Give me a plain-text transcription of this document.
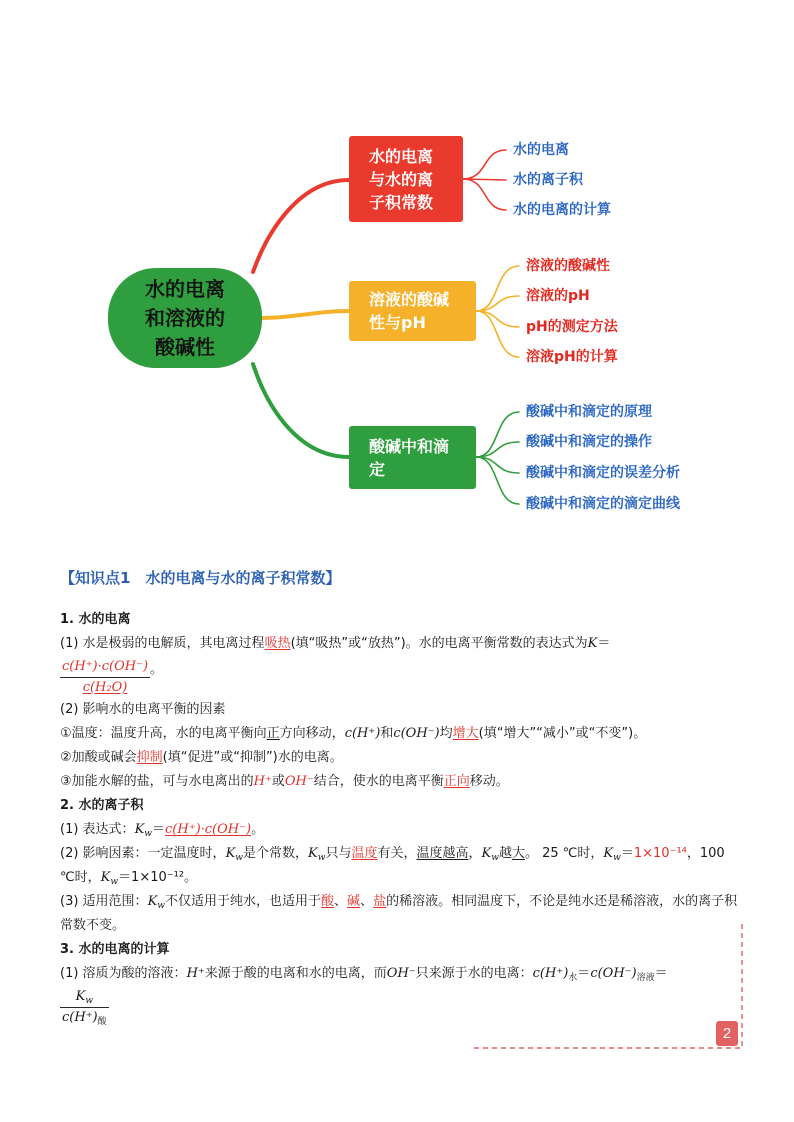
水的电离
和溶液的
酸碱性
水的电离
与水的离
子积常数
溶液的酸碱
性与pH
酸碱中和滴
定
水的电离
水的离子积
水的电离的计算
溶液的酸碱性
溶液的pH
pH的测定方法
溶液pH的计算
酸碱中和滴定的原理
酸碱中和滴定的操作
酸碱中和滴定的误差分析
酸碱中和滴定的滴定曲线
【知识点1　水的电离与水的离子积常数】
1. 水的电离
(1) 水是极弱的电解质，其电离过程吸热(填“吸热”或“放热”)。水的电离平衡常数的表达式为K＝
$\frac{c(H^+)\cdot c(OH^-)}{\text{c(H₂O)}}$ 。
(2) 影响水的电离平衡的因素
①温度：温度升高，水的电离平衡向正方向移动，c(H⁺)和c(OH⁻)均增大(填“增大”“减小”或“不变”)。
②加酸或碱会抑制(填“促进”或“抑制”)水的电离。
③加能水解的盐，可与水电离出的H⁺或OH⁻结合，使水的电离平衡正向移动。
2. 水的离子积
(1) 表达式：$K_w=c(H^+)\cdot c(OH^-)$。
(2) 影响因素：一定温度时，$K_w$是个常数，$K_w$只与温度有关，温度越高，$K_w$越大。 25 ℃时，$K_w=1\times 10^{-14}$，100 ℃时，$K_w=1\times 10^{-12}$。
(3) 适用范围：$K_w$不仅适用于纯水，也适用于酸、碱、盐的稀溶液。相同温度下，不论是纯水还是稀溶液，水的离子积常数不变。
3. 水的电离的计算
(1) 溶质为酸的溶液：H⁺来源于酸的电离和水的电离，而OH⁻只来源于水的电离：$c(H^+)_水=c(OH^-)_{溶液}=$
$\frac{K_w}{c(H^+)_酸}$
2
